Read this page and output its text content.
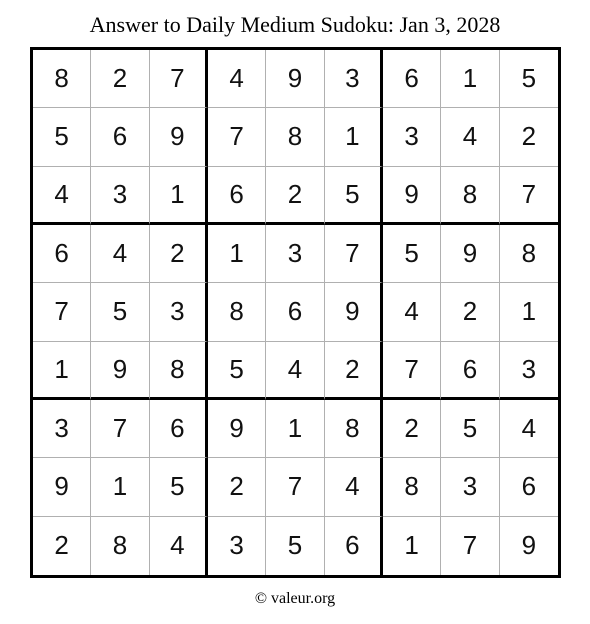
Answer to Daily Medium Sudoku: Jan 3, 2028
8	2	7	4	9	3	6	1	5
5	6	9	7	8	1	3	4	2
4	3	1	6	2	5	9	8	7
6	4	2	1	3	7	5	9	8
7	5	3	8	6	9	4	2	1
1	9	8	5	4	2	7	6	3
3	7	6	9	1	8	2	5	4
9	1	5	2	7	4	8	3	6
2	8	4	3	5	6	1	7	9
© valeur.org
